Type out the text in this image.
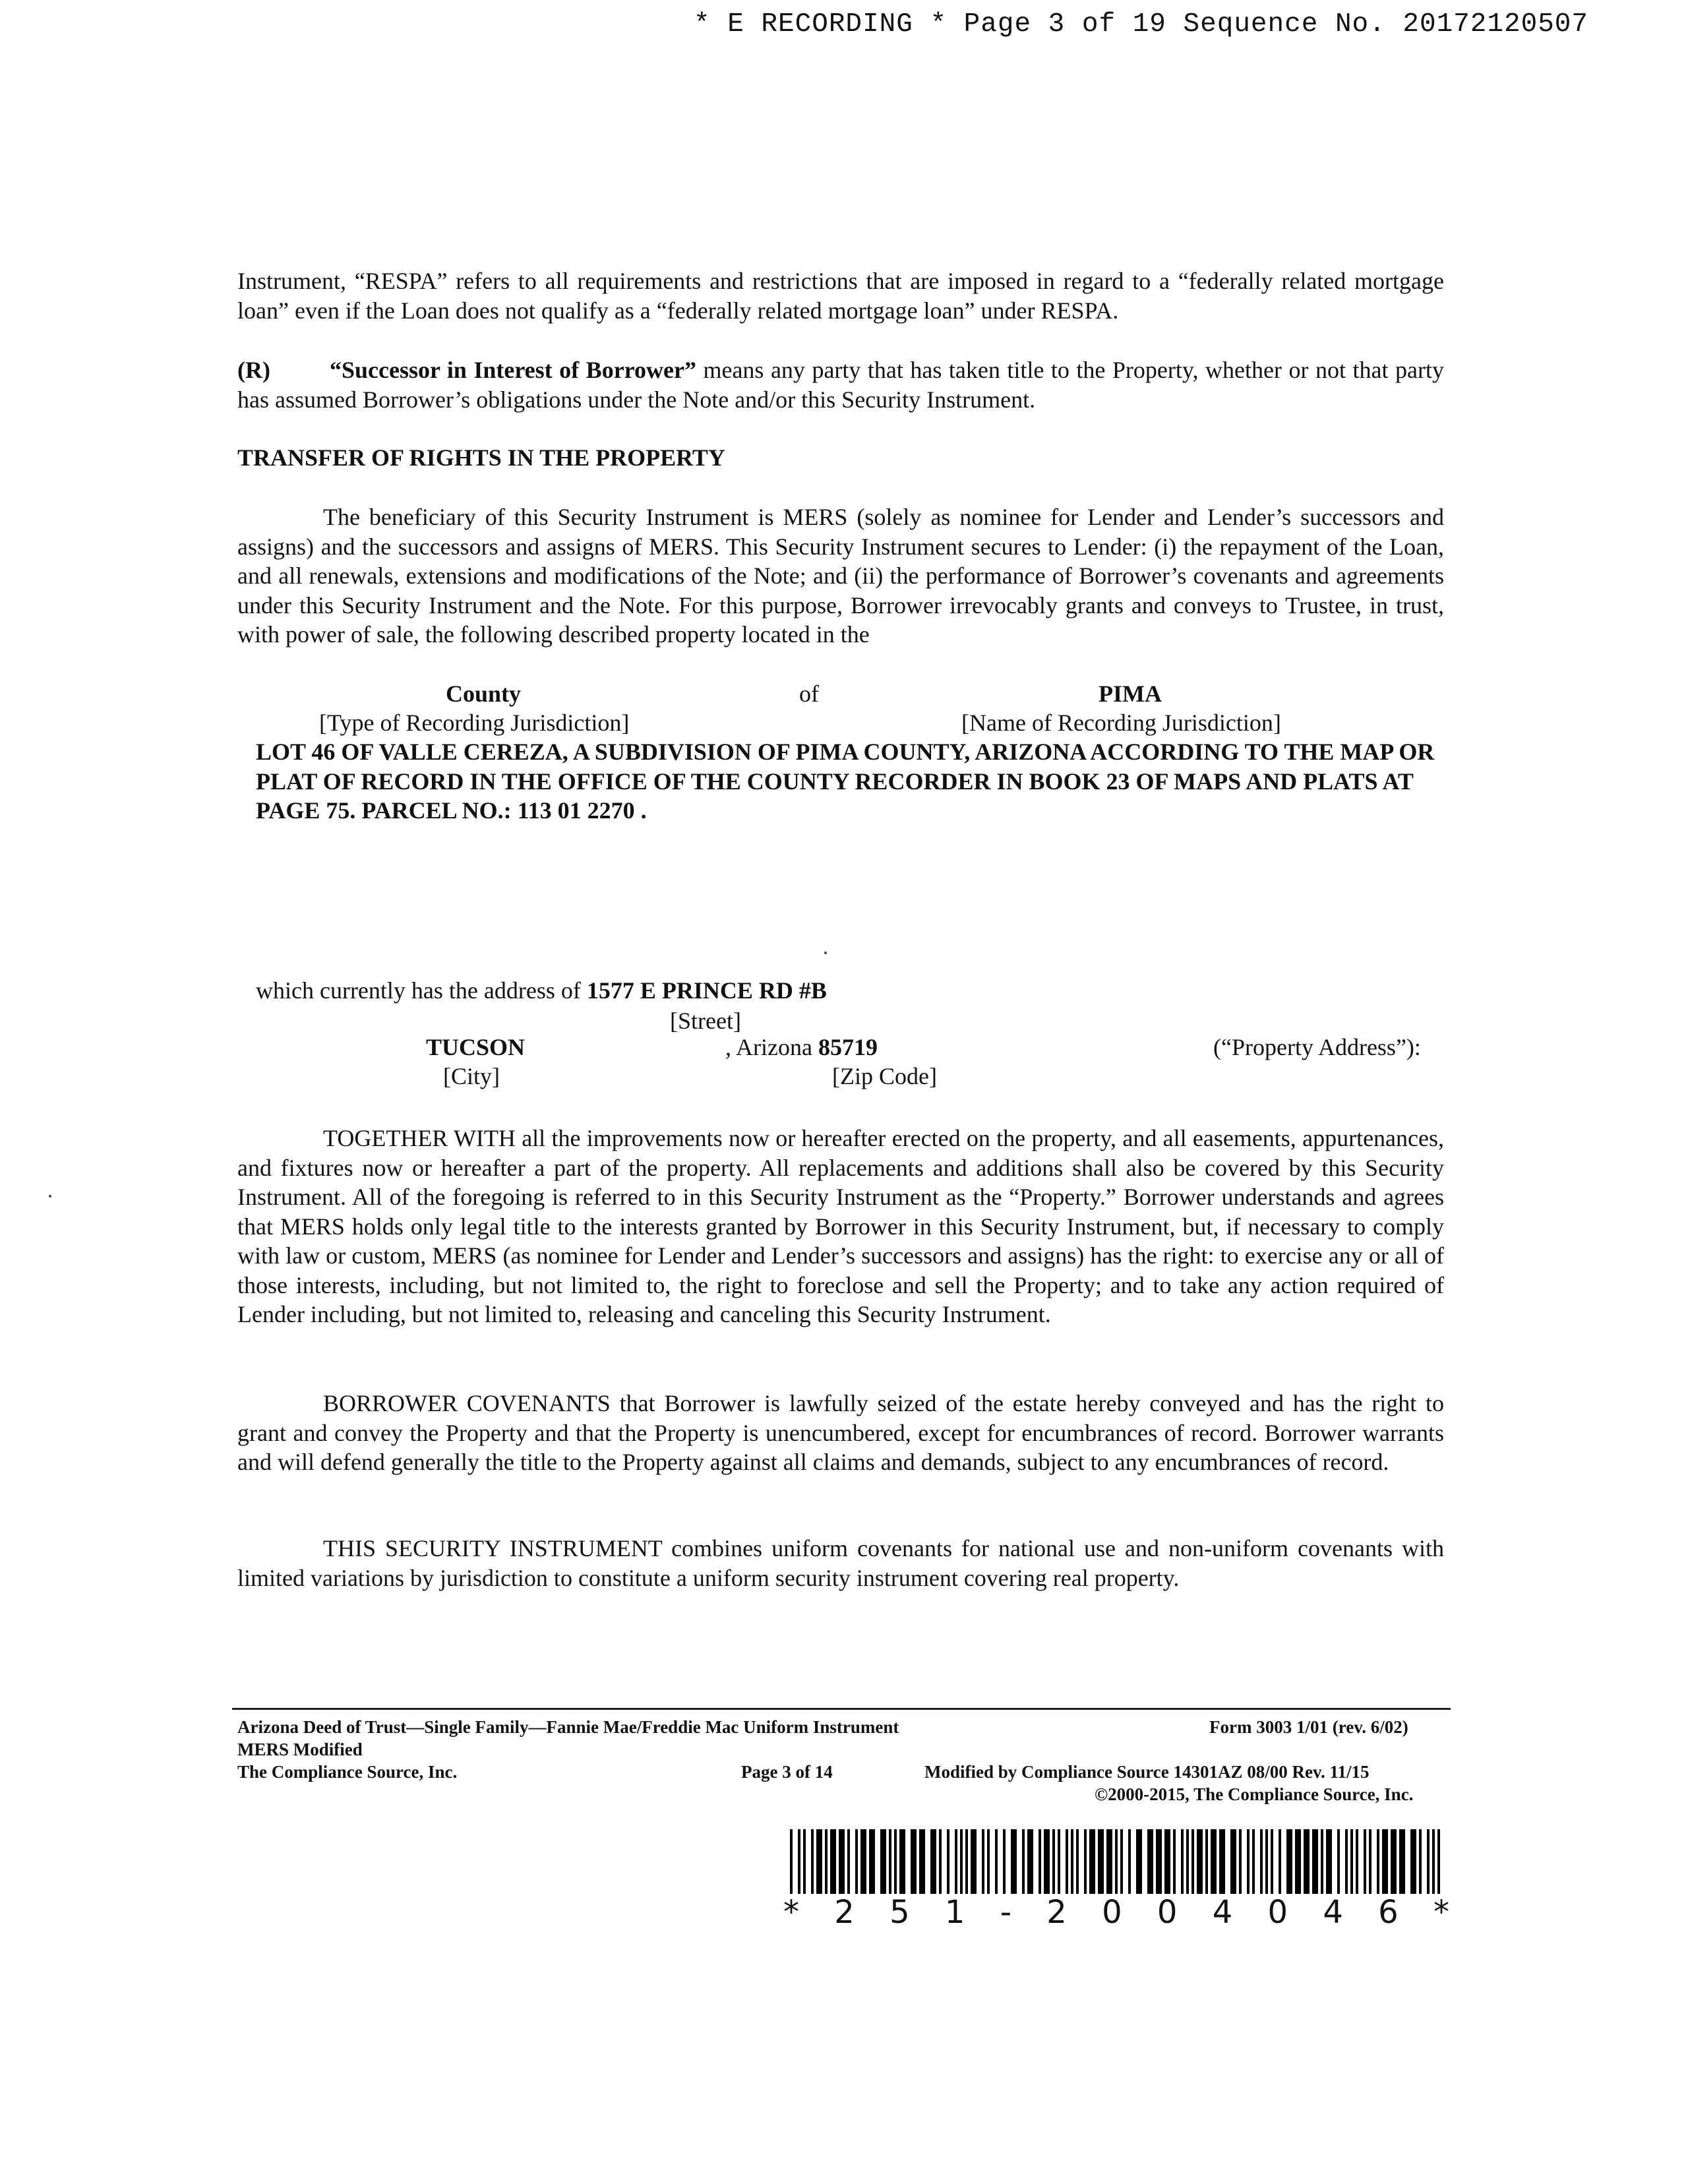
* E RECORDING * Page 3 of 19 Sequence No. 20172120507
Instrument, “RESPA” refers to all requirements and restrictions that are imposed in regard to a “federally related mortgage loan” even if the Loan does not qualify as a “federally related mortgage loan” under RESPA.
(R)	“Successor in Interest of Borrower” means any party that has taken title to the Property, whether or not that party has assumed Borrower’s obligations under the Note and/or this Security Instrument.
TRANSFER OF RIGHTS IN THE PROPERTY
The beneficiary of this Security Instrument is MERS (solely as nominee for Lender and Lender’s successors and assigns) and the successors and assigns of MERS. This Security Instrument secures to Lender: (i) the repayment of the Loan, and all renewals, extensions and modifications of the Note; and (ii) the performance of Borrower’s covenants and agreements under this Security Instrument and the Note. For this purpose, Borrower irrevocably grants and conveys to Trustee, in trust, with power of sale, the following described property located in the
County	of	PIMA
[Type of Recording Jurisdiction]	[Name of Recording Jurisdiction]
LOT 46 OF VALLE CEREZA, A SUBDIVISION OF PIMA COUNTY, ARIZONA ACCORDING TO THE MAP OR PLAT OF RECORD IN THE OFFICE OF THE COUNTY RECORDER IN BOOK 23 OF MAPS AND PLATS AT PAGE 75. PARCEL NO.: 113 01 2270 .
which currently has the address of 1577 E PRINCE RD #B
[Street]
TUCSON	, Arizona 85719	(“Property Address”):
[City]	[Zip Code]
TOGETHER WITH all the improvements now or hereafter erected on the property, and all easements, appurtenances, and fixtures now or hereafter a part of the property. All replacements and additions shall also be covered by this Security Instrument. All of the foregoing is referred to in this Security Instrument as the “Property.” Borrower understands and agrees that MERS holds only legal title to the interests granted by Borrower in this Security Instrument, but, if necessary to comply with law or custom, MERS (as nominee for Lender and Lender’s successors and assigns) has the right: to exercise any or all of those interests, including, but not limited to, the right to foreclose and sell the Property; and to take any action required of Lender including, but not limited to, releasing and canceling this Security Instrument.
BORROWER COVENANTS that Borrower is lawfully seized of the estate hereby conveyed and has the right to grant and convey the Property and that the Property is unencumbered, except for encumbrances of record. Borrower warrants and will defend generally the title to the Property against all claims and demands, subject to any encumbrances of record.
THIS SECURITY INSTRUMENT combines uniform covenants for national use and non-uniform covenants with limited variations by jurisdiction to constitute a uniform security instrument covering real property.
Arizona Deed of Trust—Single Family—Fannie Mae/Freddie Mac Uniform Instrument	Form 3003 1/01 (rev. 6/02)
MERS Modified
The Compliance Source, Inc.	Page 3 of 14	Modified by Compliance Source 14301AZ 08/00 Rev. 11/15
©2000-2015, The Compliance Source, Inc.
* 2 5 1 - 2 0 0 4 0 4 6 *
